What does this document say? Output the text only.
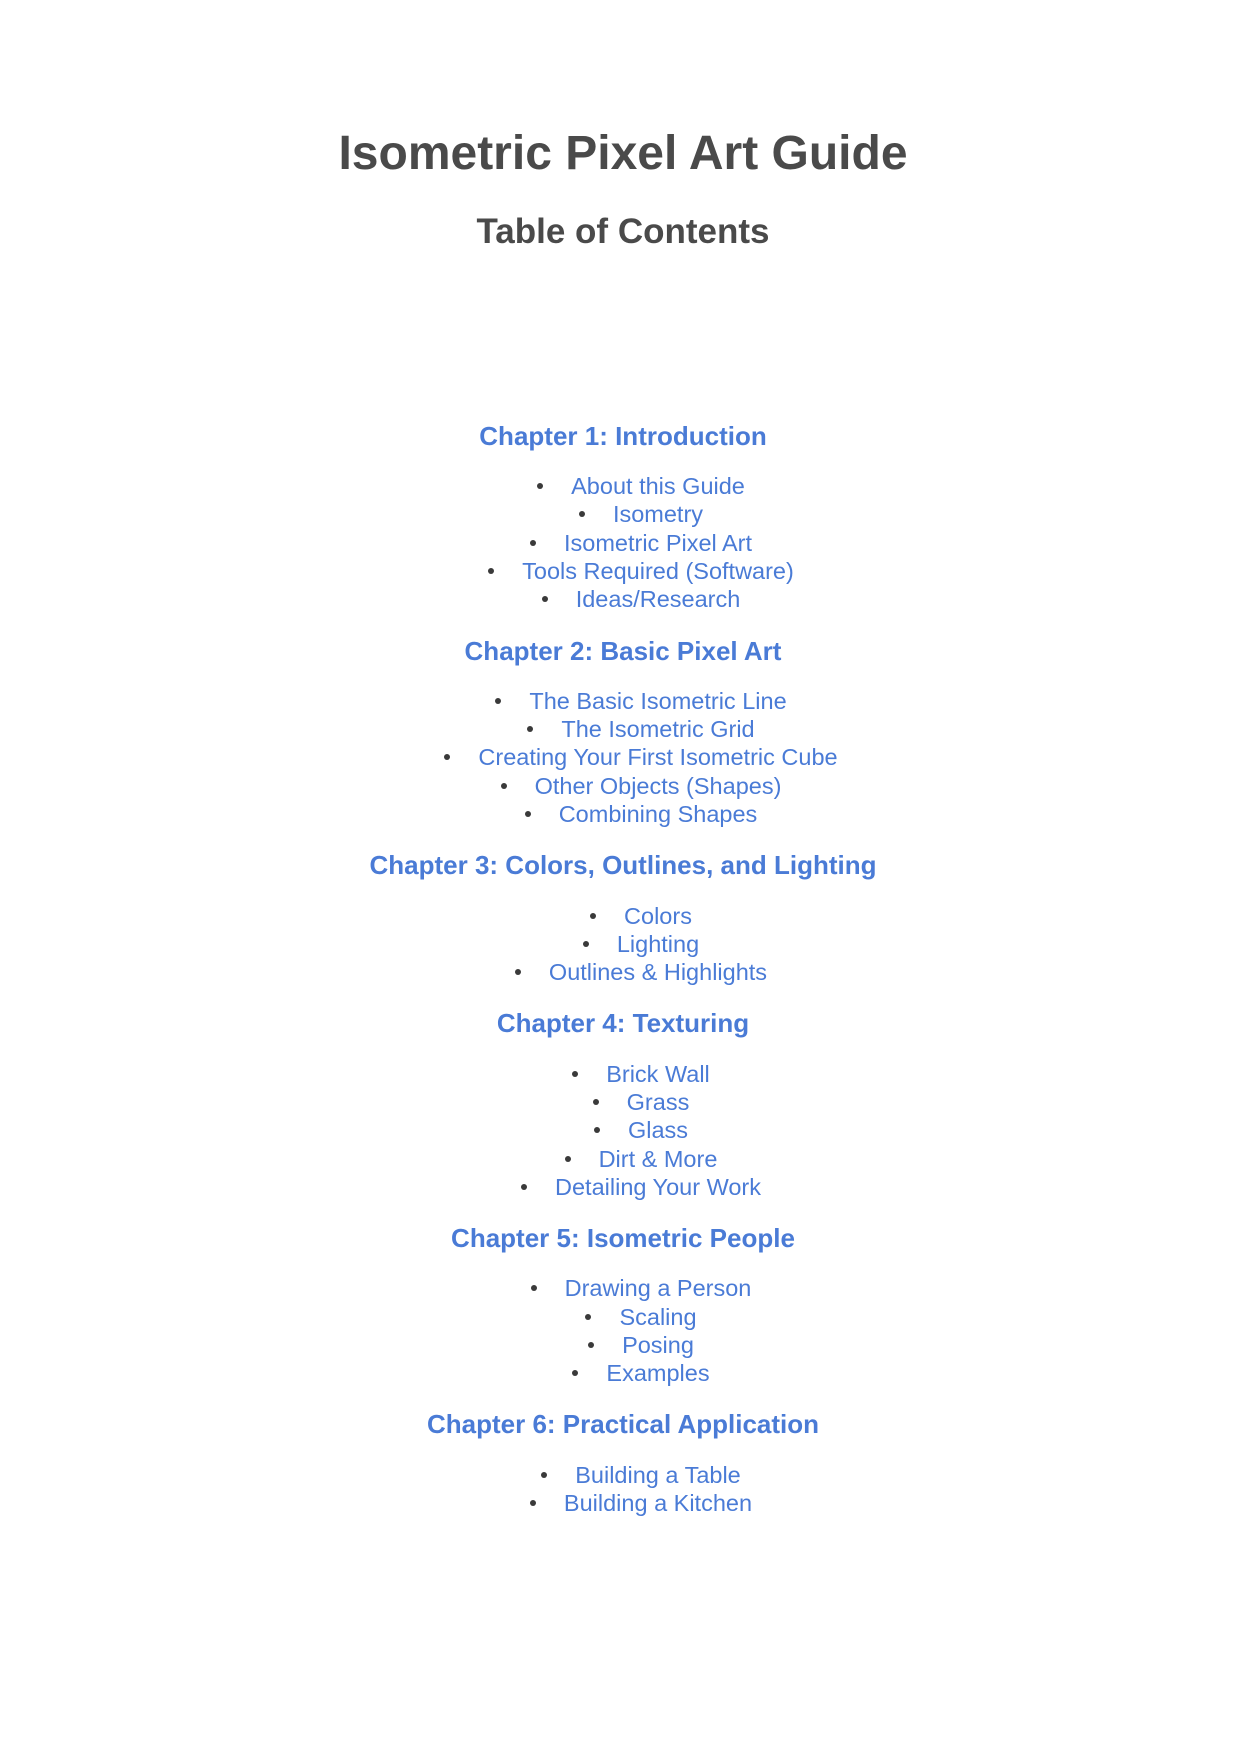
Isometric Pixel Art Guide
Table of Contents
Chapter 1: Introduction
About this Guide
Isometry
Isometric Pixel Art
Tools Required (Software)
Ideas/Research
Chapter 2: Basic Pixel Art
The Basic Isometric Line
The Isometric Grid
Creating Your First Isometric Cube
Other Objects (Shapes)
Combining Shapes
Chapter 3: Colors, Outlines, and Lighting
Colors
Lighting
Outlines & Highlights
Chapter 4: Texturing
Brick Wall
Grass
Glass
Dirt & More
Detailing Your Work
Chapter 5: Isometric People
Drawing a Person
Scaling
Posing
Examples
Chapter 6: Practical Application
Building a Table
Building a Kitchen
